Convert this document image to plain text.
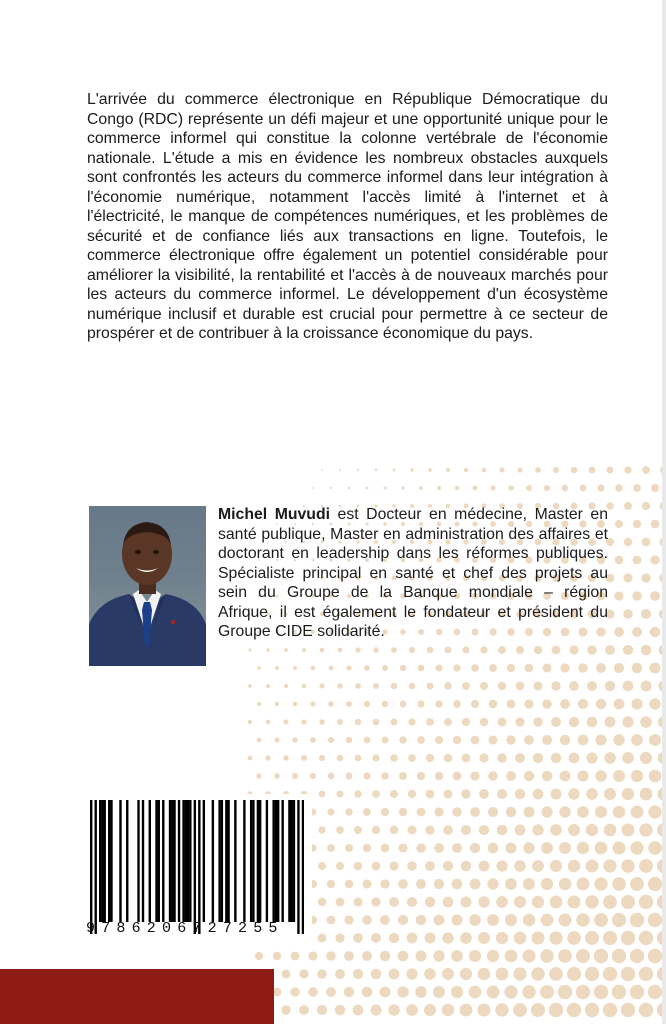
L'arrivée du commerce électronique en République Démocratique du Congo (RDC) représente un défi majeur et une opportunité unique pour le commerce informel qui constitue la colonne vertébrale de l'économie nationale. L'étude a mis en évidence les nombreux obstacles auxquels sont confrontés les acteurs du commerce informel dans leur intégration à l'économie numérique, notamment l'accès limité à l'internet et à l'électricité, le manque de compétences numériques, et les problèmes de sécurité et de confiance liés aux transactions en ligne. Toutefois, le commerce électronique offre également un potentiel considérable pour améliorer la visibilité, la rentabilité et l'accès à de nouveaux marchés pour les acteurs du commerce informel. Le développement d'un écosystème numérique inclusif et durable est crucial pour permettre à ce secteur de prospérer et de contribuer à la croissance économique du pays.

Michel Muvudi est Docteur en médecine, Master en santé publique, Master en administration des affaires et doctorant en leadership dans les réformes publiques. Spécialiste principal en santé et chef des projets au sein du Groupe de la Banque mondiale – région Afrique, il est également le fondateur et président du Groupe CIDE solidarité.

9786206727255
